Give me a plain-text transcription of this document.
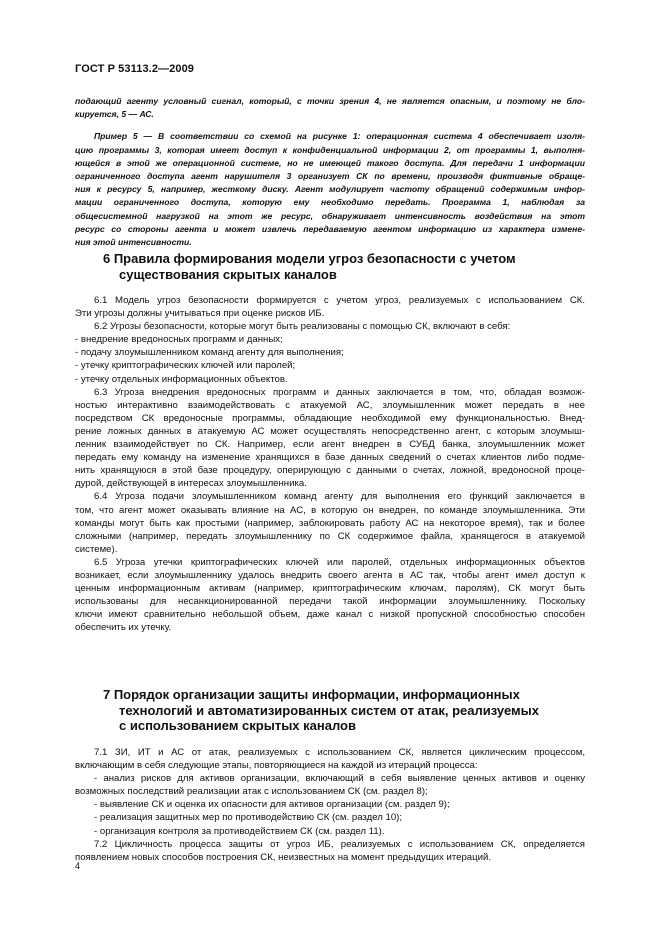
ГОСТ Р 53113.2—2009

подающий агенту условный сигнал, который, с точки зрения 4, не является опасным, и поэтому не бло-

кируется, 5 — АС.

Пример 5 — В соответствии со схемой на рисунке 1: операционная система 4 обеспечивает изоля-

цию программы 3, которая имеет доступ к конфиденциальной информации 2, от программы 1, выполня-

ющейся в этой же операционной системе, но не имеющей такого доступа. Для передачи 1 информации

ограниченного доступа агент нарушителя 3 организует СК по времени, производя фиктивные обраще-

ния к ресурсу 5, например, жесткому диску. Агент модулирует частоту обращений содержимым инфор-

мации ограниченного доступа, которую ему необходимо передать. Программа 1, наблюдая за

общесистемной нагрузкой на этот же ресурс, обнаруживает интенсивность воздействия на этот

ресурс со стороны агента и может извлечь передаваемую агентом информацию из характера измене-

ния этой интенсивности.

6 Правила формирования модели угроз безопасности с учетом
существования скрытых каналов

6.1 Модель угроз безопасности формируется с учетом угроз, реализуемых с использованием СК.

Эти угрозы должны учитываться при оценке рисков ИБ.

6.2 Угрозы безопасности, которые могут быть реализованы с помощью СК, включают в себя:

- внедрение вредоносных программ и данных;

- подачу злоумышленником команд агенту для выполнения;

- утечку криптографических ключей или паролей;

- утечку отдельных информационных объектов.

6.3 Угроза внедрения вредоносных программ и данных заключается в том, что, обладая возмож-

ностью интерактивно взаимодействовать с атакуемой АС, злоумышленник может передать в нее

посредством СК вредоносные программы, обладающие необходимой ему функциональностью. Внед-

рение ложных данных в атакуемую АС может осуществлять непосредственно агент, с которым злоумыш-

ленник взаимодействует по СК. Например, если агент внедрен в СУБД банка, злоумышленник может

передать ему команду на изменение хранящихся в базе данных сведений о счетах клиентов либо подме-

нить хранящуюся в этой базе процедуру, оперирующую с данными о счетах, ложной, вредоносной проце-

дурой, действующей в интересах злоумышленника.

6.4 Угроза подачи злоумышленником команд агенту для выполнения его функций заключается в

том, что агент может оказывать влияние на АС, в которую он внедрен, по команде злоумышленника. Эти

команды могут быть как простыми (например, заблокировать работу АС на некоторое время), так и более

сложными (например, передать злоумышленнику по СК содержимое файла, хранящегося в атакуемой

системе).

6.5 Угроза утечки криптографических ключей или паролей, отдельных информационных объектов

возникает, если злоумышленнику удалось внедрить своего агента в АС так, чтобы агент имел доступ к

ценным информационным активам (например, криптографическим ключам, паролям), СК могут быть

использованы для несанкционированной передачи такой информации злоумышленнику. Поскольку

ключи имеют сравнительно небольшой объем, даже канал с низкой пропускной способностью способен

обеспечить их утечку.

7 Порядок организации защиты информации, информационных
технологий и автоматизированных систем от атак, реализуемых
с использованием скрытых каналов

7.1 ЗИ, ИТ и АС от атак, реализуемых с использованием СК, является циклическим процессом,

включающим в себя следующие этапы, повторяющиеся на каждой из итераций процесса:

- анализ рисков для активов организации, включающий в себя выявление ценных активов и оценку

возможных последствий реализации атак с использованием СК (см. раздел 8);

- выявление СК и оценка их опасности для активов организации (см. раздел 9);

- реализация защитных мер по противодействию СК (см. раздел 10);

- организация контроля за противодействием СК (см. раздел 11).

7.2 Цикличность процесса защиты от угроз ИБ, реализуемых с использованием СК, определяется

появлением новых способов построения СК, неизвестных на момент предыдущих итераций.

4
